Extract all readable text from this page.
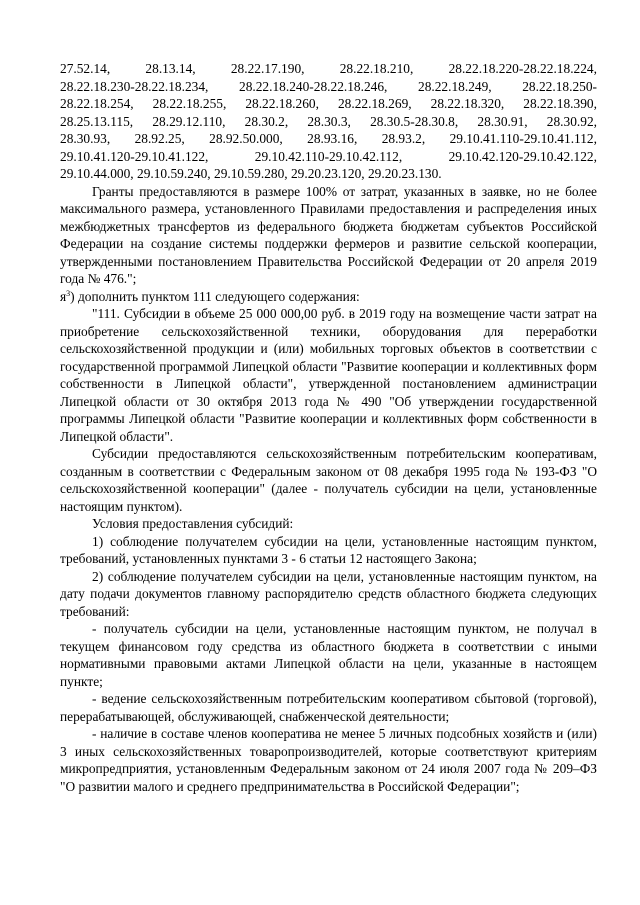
27.52.14,	28.13.14,	28.22.17.190,	28.22.18.210,	28.22.18.220-28.22.18.224,
28.22.18.230-28.22.18.234, 28.22.18.240-28.22.18.246, 28.22.18.249, 28.22.18.250-
28.22.18.254, 28.22.18.255, 28.22.18.260, 28.22.18.269, 28.22.18.320, 28.22.18.390,
28.25.13.115, 28.29.12.110, 28.30.2, 28.30.3, 28.30.5-28.30.8, 28.30.91, 28.30.92,
28.30.93, 28.92.25, 28.92.50.000, 28.93.16, 28.93.2, 29.10.41.110-29.10.41.112,
29.10.41.120-29.10.41.122,	29.10.42.110-29.10.42.112,	29.10.42.120-29.10.42.122,
29.10.44.000, 29.10.59.240, 29.10.59.280, 29.20.23.120, 29.20.23.130.

Гранты предоставляются в размере 100% от затрат, указанных в заявке, но не более максимального размера, установленного Правилами предоставления и распределения иных межбюджетных трансфертов из федерального бюджета бюджетам субъектов Российской Федерации на создание системы поддержки фермеров и развитие сельской кооперации, утвержденными постановлением Правительства Российской Федерации от 20 апреля 2019 года № 476.";

$я^3$) дополнить пунктом 111 следующего содержания:

"111. Субсидии в объеме 25 000 000,00 руб. в 2019 году на возмещение части затрат на приобретение сельскохозяйственной техники, оборудования для переработки сельскохозяйственной продукции и (или) мобильных торговых объектов в соответствии с государственной программой Липецкой области "Развитие кооперации и коллективных форм собственности в Липецкой области", утвержденной постановлением администрации Липецкой области от 30 октября 2013 года № 490 "Об утверждении государственной программы Липецкой области "Развитие кооперации и коллективных форм собственности в Липецкой области".

Субсидии предоставляются сельскохозяйственным потребительским кооперативам, созданным в соответствии с Федеральным законом от 08 декабря 1995 года № 193-ФЗ "О сельскохозяйственной кооперации" (далее - получатель субсидии на цели, установленные настоящим пунктом).

Условия предоставления субсидий:

1) соблюдение получателем субсидии на цели, установленные настоящим пунктом, требований, установленных пунктами 3 - 6 статьи 12 настоящего Закона;

2) соблюдение получателем субсидии на цели, установленные настоящим пунктом, на дату подачи документов главному распорядителю средств областного бюджета следующих требований:

- получатель субсидии на цели, установленные настоящим пунктом, не получал в текущем финансовом году средства из областного бюджета в соответствии с иными нормативными правовыми актами Липецкой области на цели, указанные в настоящем пункте;

- ведение сельскохозяйственным потребительским кооперативом сбытовой (торговой), перерабатывающей, обслуживающей, снабженческой деятельности;

- наличие в составе членов кооператива не менее 5 личных подсобных хозяйств и (или) 3 иных сельскохозяйственных товаропроизводителей, которые соответствуют критериям микропредприятия, установленным Федеральным законом от 24 июля 2007 года № 209–ФЗ "О развитии малого и среднего предпринимательства в Российской Федерации";
